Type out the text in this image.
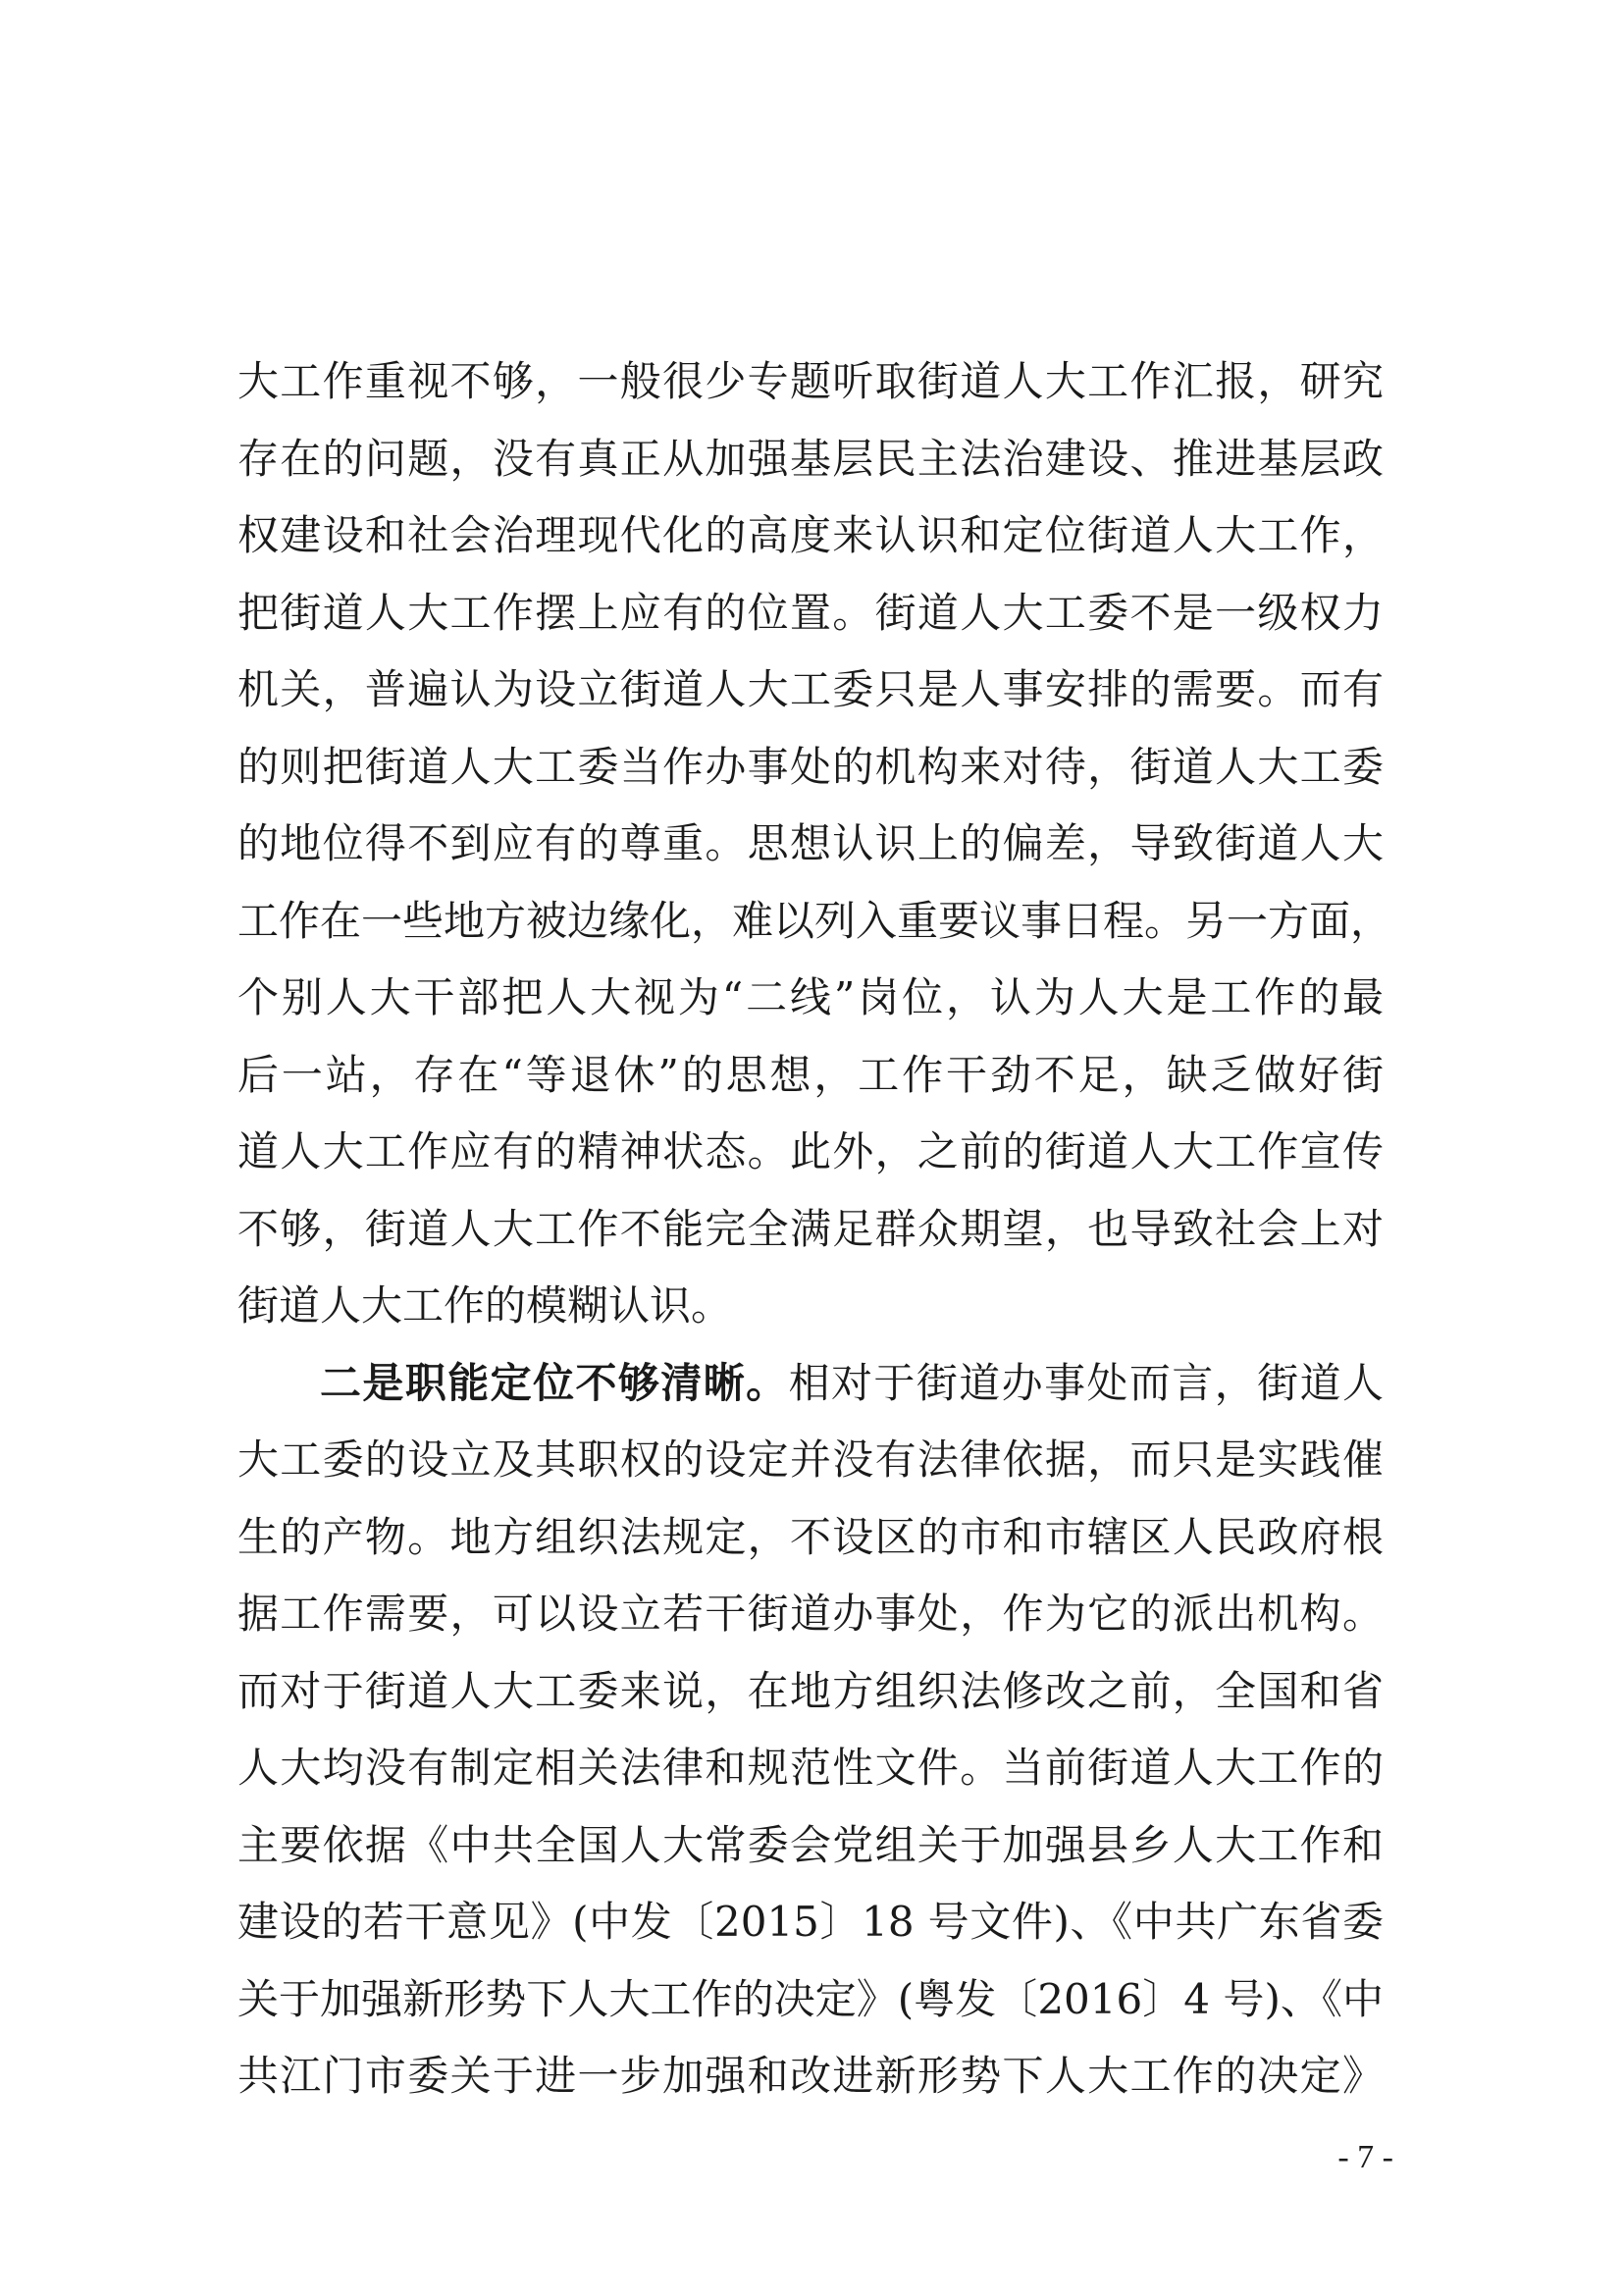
大工作重视不够，一般很少专题听取街道人大工作汇报，研究
存在的问题，没有真正从加强基层民主法治建设、推进基层政
权建设和社会治理现代化的高度来认识和定位街道人大工作，
把街道人大工作摆上应有的位置。街道人大工委不是一级权力
机关，普遍认为设立街道人大工委只是人事安排的需要。而有
的则把街道人大工委当作办事处的机构来对待，街道人大工委
的地位得不到应有的尊重。思想认识上的偏差，导致街道人大
工作在一些地方被边缘化，难以列入重要议事日程。另一方面，
个别人大干部把人大视为“二线”岗位，认为人大是工作的最
后一站，存在“等退休”的思想，工作干劲不足，缺乏做好街
道人大工作应有的精神状态。此外，之前的街道人大工作宣传
不够，街道人大工作不能完全满足群众期望，也导致社会上对
街道人大工作的模糊认识。
二是职能定位不够清晰。相对于街道办事处而言，街道人
大工委的设立及其职权的设定并没有法律依据，而只是实践催
生的产物。地方组织法规定，不设区的市和市辖区人民政府根
据工作需要，可以设立若干街道办事处，作为它的派出机构。
而对于街道人大工委来说，在地方组织法修改之前，全国和省
人大均没有制定相关法律和规范性文件。当前街道人大工作的
主要依据《中共全国人大常委会党组关于加强县乡人大工作和
建设的若干意见》(中发〔2015〕18 号文件)、《中共广东省委
关于加强新形势下人大工作的决定》(粤发〔2016〕4 号)、《中
共江门市委关于进一步加强和改进新形势下人大工作的决定》
- 7 -
